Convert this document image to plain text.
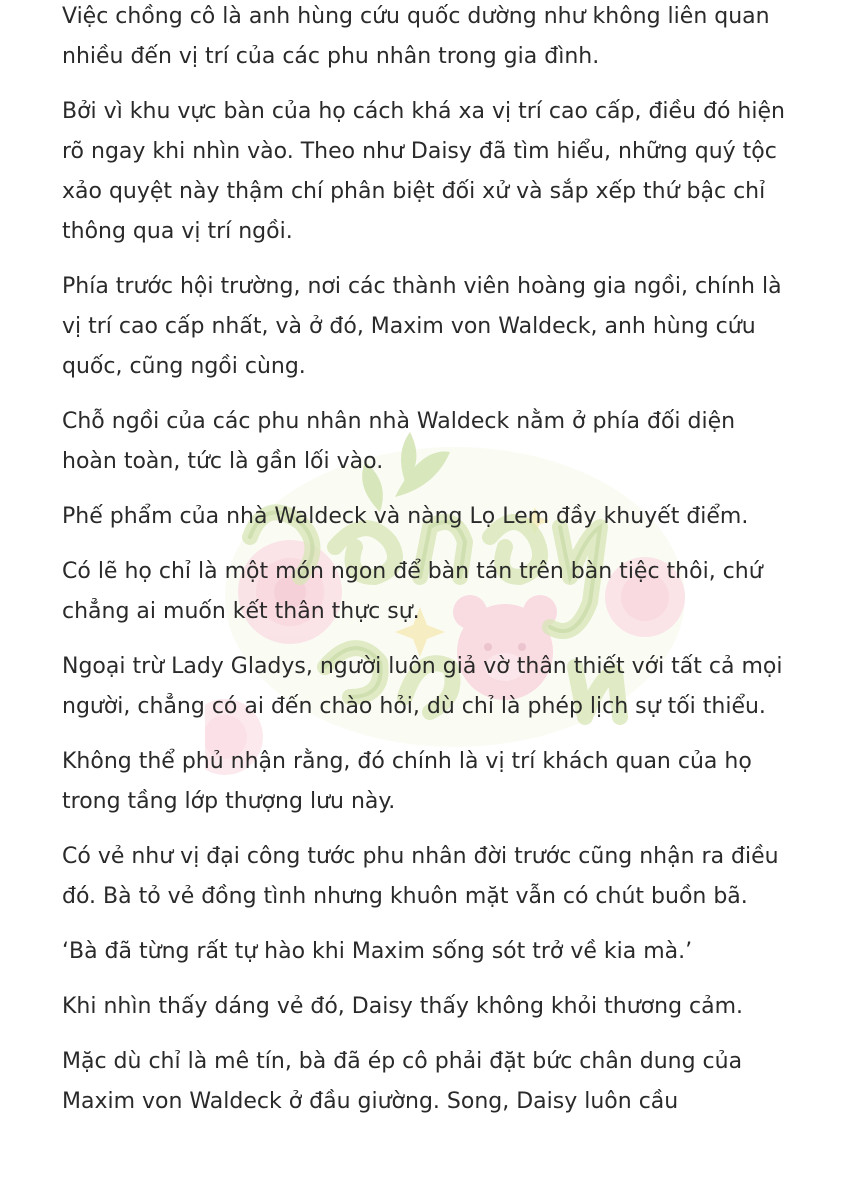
Việc chồng cô là anh hùng cứu quốc dường như không liên quan nhiều đến vị trí của các phu nhân trong gia đình.

Bởi vì khu vực bàn của họ cách khá xa vị trí cao cấp, điều đó hiện rõ ngay khi nhìn vào. Theo như Daisy đã tìm hiểu, những quý tộc xảo quyệt này thậm chí phân biệt đối xử và sắp xếp thứ bậc chỉ thông qua vị trí ngồi.

Phía trước hội trường, nơi các thành viên hoàng gia ngồi, chính là vị trí cao cấp nhất, và ở đó, Maxim von Waldeck, anh hùng cứu quốc, cũng ngồi cùng.

Chỗ ngồi của các phu nhân nhà Waldeck nằm ở phía đối diện hoàn toàn, tức là gần lối vào.

Phế phẩm của nhà Waldeck và nàng Lọ Lem đầy khuyết điểm.

Có lẽ họ chỉ là một món ngon để bàn tán trên bàn tiệc thôi, chứ chẳng ai muốn kết thân thực sự.

Ngoại trừ Lady Gladys, người luôn giả vờ thân thiết với tất cả mọi người, chẳng có ai đến chào hỏi, dù chỉ là phép lịch sự tối thiểu.

Không thể phủ nhận rằng, đó chính là vị trí khách quan của họ trong tầng lớp thượng lưu này.

Có vẻ như vị đại công tước phu nhân đời trước cũng nhận ra điều đó. Bà tỏ vẻ đồng tình nhưng khuôn mặt vẫn có chút buồn bã.

‘Bà đã từng rất tự hào khi Maxim sống sót trở về kia mà.’

Khi nhìn thấy dáng vẻ đó, Daisy thấy không khỏi thương cảm.

Mặc dù chỉ là mê tín, bà đã ép cô phải đặt bức chân dung của Maxim von Waldeck ở đầu giường. Song, Daisy luôn cầu
